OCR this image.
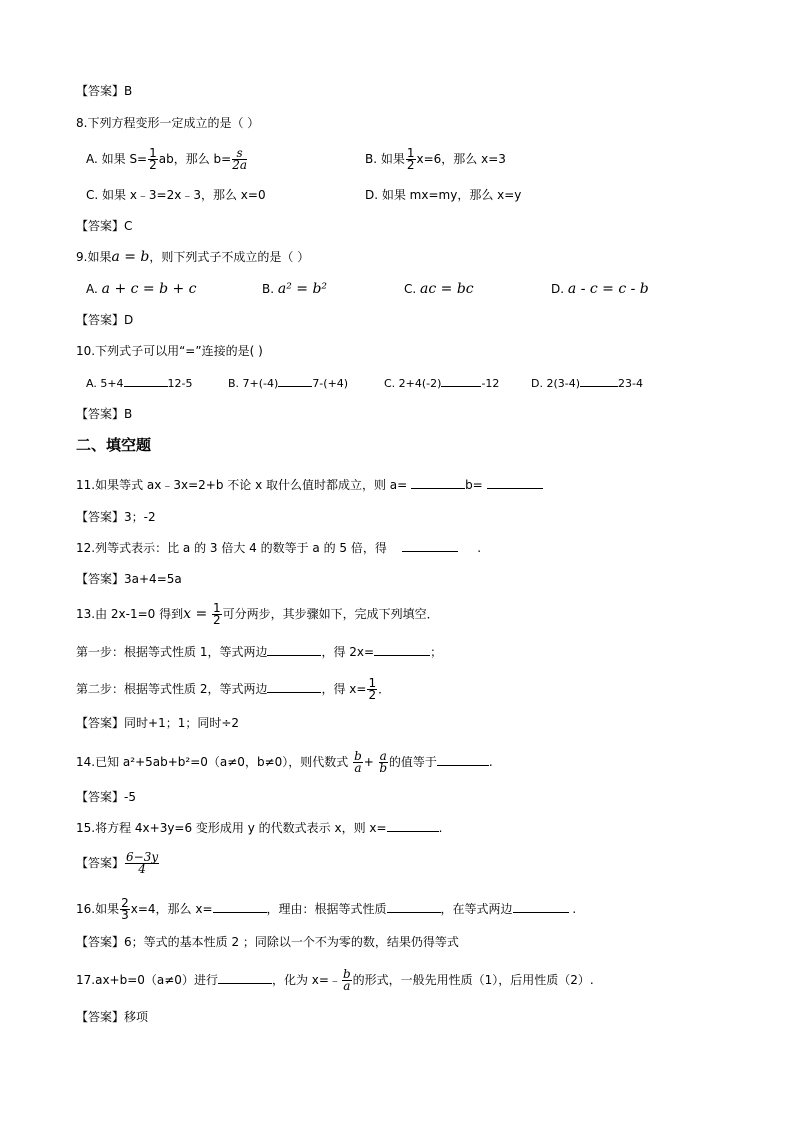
【答案】B
8.下列方程变形一定成立的是（ ）
A. 如果 $S= \frac{1}{2}$ ab，那么 $b= \frac{s}{2a}$	B. 如果 $\frac{1}{2} x=6$，那么 x=3
C. 如果 x﹣3=2x﹣3，那么 x=0	D. 如果 mx=my，那么 x=y
【答案】C
9.如果a = b，则下列式子不成立的是（ ）
A. a + c = b + c	B. a² = b²	C. ac = bc	D. a - c = c - b
【答案】D
10.下列式子可以用“=”连接的是( )
A. 5+4	12-5	B. 7+(-4)	7-(+4)	C. 2+4(-2)	-12	D. 2(3-4)	23-4
【答案】B
二、填空题
11.如果等式 ax﹣3x=2+b 不论 x 取什么值时都成立，则 a=	b=
【答案】3；-2
12.列等式表示：比 a 的 3 倍大 4 的数等于 a 的 5 倍，得	.
【答案】3a+4=5a
13.由 2x-1=0 得到$x = \frac{1}{2}$ 可分两步，其步骤如下，完成下列填空．
第一步：根据等式性质 1，等式两边	，得 2x=	；
第二步：根据等式性质 2，等式两边	，得 $x= \frac{1}{2}$ ．
【答案】同时+1；1；同时÷2
14.已知 a²+5ab+b²=0（a≠0，b≠0），则代数式 $\frac{b}{a} + \frac{a}{b}$ 的值等于	.
【答案】-5
15.将方程 4x+3y=6 变形成用 y 的代数式表示 x，则 x=	.
【答案】 $\frac{6-3y}{4}$
16.如果 $\frac{2}{3} x=4$，那么 x=	，理由：根据等式性质	，在等式两边	.
【答案】6；等式的基本性质 2 ；同除以一个不为零的数，结果仍得等式
17.ax+b=0（a≠0）进行	，化为 x=﹣ $\frac{b}{a}$ 的形式，一般先用性质（1），后用性质（2）.
【答案】移项
